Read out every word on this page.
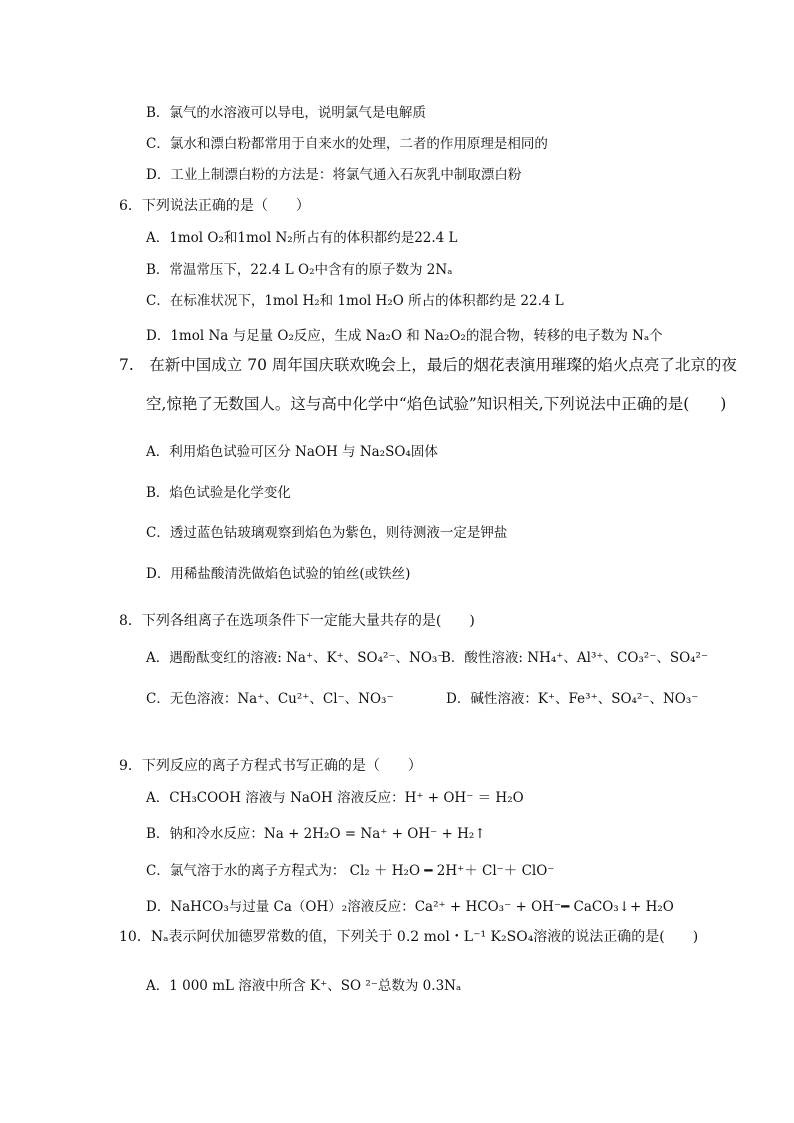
B．氯气的水溶液可以导电，说明氯气是电解质
C．氯水和漂白粉都常用于自来水的处理，二者的作用原理是相同的
D．工业上制漂白粉的方法是：将氯气通入石灰乳中制取漂白粉
6．下列说法正确的是（　　）
A．1mol O₂和1mol N₂所占有的体积都约是22.4 L
B．常温常压下，22.4 L O₂中含有的原子数为 2Nₐ
C．在标准状况下，1mol H₂和 1mol H₂O 所占的体积都约是 22.4 L
D．1mol Na 与足量 O₂反应，生成 Na₂O 和 Na₂O₂的混合物，转移的电子数为 Nₐ个
7.　在新中国成立 70 周年国庆联欢晚会上，最后的烟花表演用璀璨的焰火点亮了北京的夜
空,惊艳了无数国人。这与高中化学中“焰色试验”知识相关,下列说法中正确的是(　　)
A．利用焰色试验可区分 NaOH 与 Na₂SO₄固体
B．焰色试验是化学变化
C．透过蓝色钴玻璃观察到焰色为紫色，则待测液一定是钾盐
D．用稀盐酸清洗做焰色试验的铂丝(或铁丝)
8．下列各组离子在选项条件下一定能大量共存的是(　　)
A．遇酚酞变红的溶液: Na⁺、K⁺、SO₄²⁻、NO₃⁻
B．酸性溶液: NH₄⁺、Al³⁺、CO₃²⁻、SO₄²⁻
C．无色溶液：Na⁺、Cu²⁺、Cl⁻、NO₃⁻	D．碱性溶液：K⁺、Fe³⁺、SO₄²⁻、NO₃⁻
9．下列反应的离子方程式书写正确的是（　　）
A．CH₃COOH 溶液与 NaOH 溶液反应：H⁺ + OH⁻ ＝ H₂O
B．钠和冷水反应：Na + 2H₂O = Na⁺ + OH⁻ + H₂↑
C．氯气溶于水的离子方程式为： Cl₂ ＋ H₂O ━ 2H⁺＋ Cl⁻＋ ClO⁻
D．NaHCO₃与过量 Ca（OH）₂溶液反应：Ca²⁺ + HCO₃⁻ + OH⁻━ CaCO₃↓+ H₂O
10．Nₐ表示阿伏加德罗常数的值，下列关于 0.2 mol・L⁻¹ K₂SO₄溶液的说法正确的是(　　)
A．1 000 mL 溶液中所含 K⁺、SO ²⁻总数为 0.3Nₐ
